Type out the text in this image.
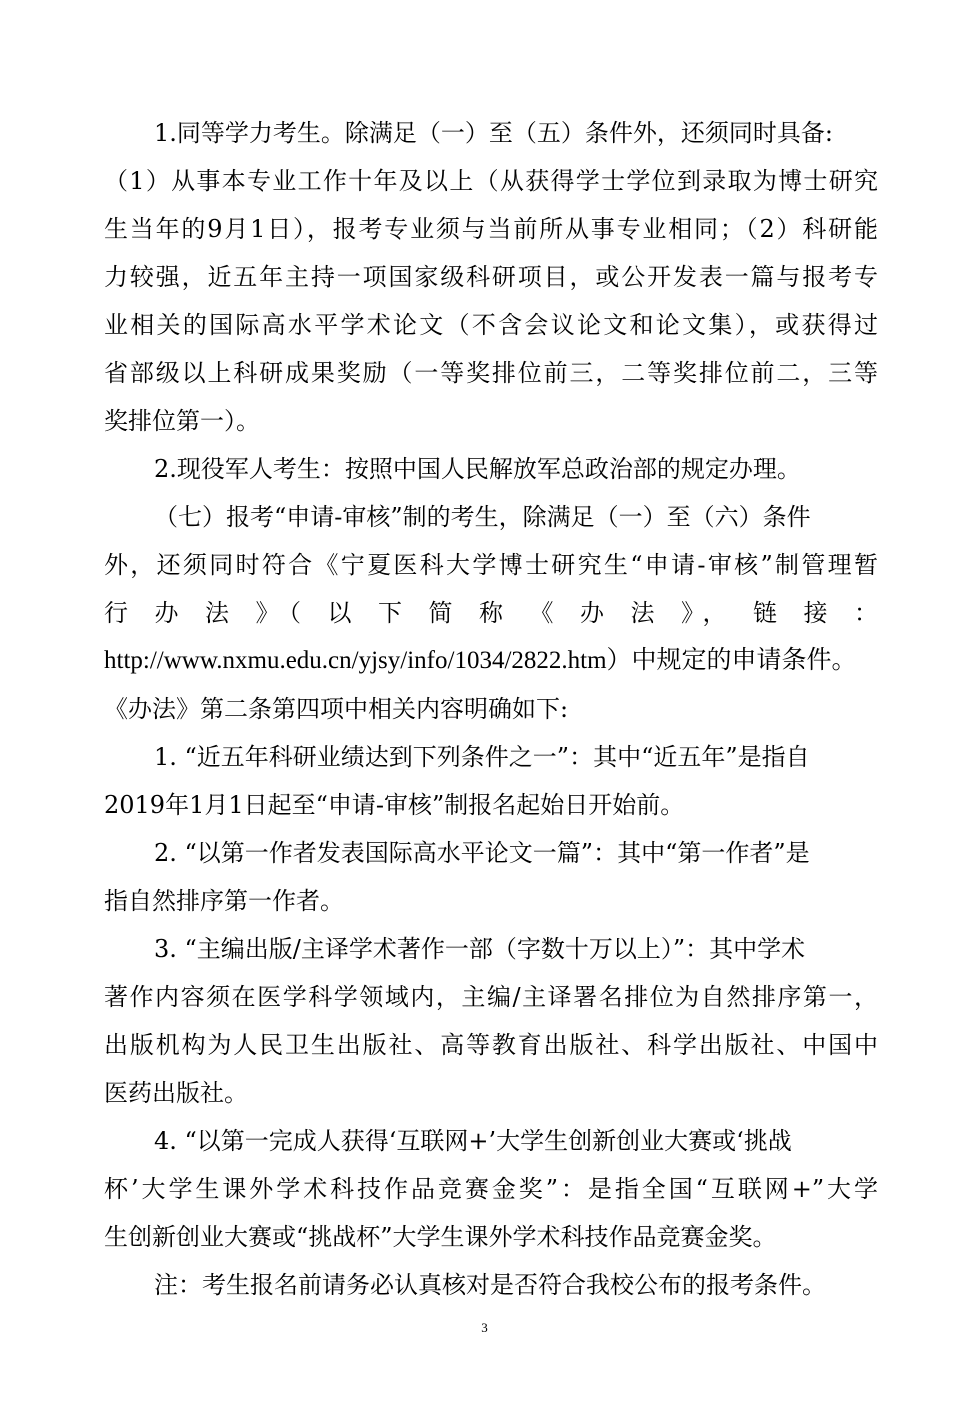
1.同等学力考生。除满足（一）至（五）条件外，还须同时具备:
（1）从事本专业工作十年及以上（从获得学士学位到录取为博士研究
生当年的9月1日），报考专业须与当前所从事专业相同；（2）科研能
力较强，近五年主持一项国家级科研项目，或公开发表一篇与报考专
业相关的国际高水平学术论文（不含会议论文和论文集），或获得过
省部级以上科研成果奖励（一等奖排位前三，二等奖排位前二，三等
奖排位第一）。
2.现役军人考生：按照中国人民解放军总政治部的规定办理。
（七）报考“申请-审核”制的考生，除满足（一）至（六）条件
外，还须同时符合《宁夏医科大学博士研究生“申请-审核”制管理暂
行 办 法 》（ 以 下 简 称 《 办 法 》， 链 接 ：
http://www.nxmu.edu.cn/yjsy/info/1034/2822.htm）中规定的申请条件。
《办法》第二条第四项中相关内容明确如下:
1. “近五年科研业绩达到下列条件之一”：其中“近五年”是指自
2019年1月1日起至“申请-审核”制报名起始日开始前。
2. “以第一作者发表国际高水平论文一篇”：其中“第一作者”是
指自然排序第一作者。
3. “主编出版/主译学术著作一部（字数十万以上）”：其中学术
著作内容须在医学科学领域内，主编/主译署名排位为自然排序第一，
出版机构为人民卫生出版社、高等教育出版社、科学出版社、中国中
医药出版社。
4. “以第一完成人获得‘互联网+’大学生创新创业大赛或‘挑战
杯’大学生课外学术科技作品竞赛金奖”：是指全国“互联网+”大学
生创新创业大赛或“挑战杯”大学生课外学术科技作品竞赛金奖。
注：考生报名前请务必认真核对是否符合我校公布的报考条件。
3
